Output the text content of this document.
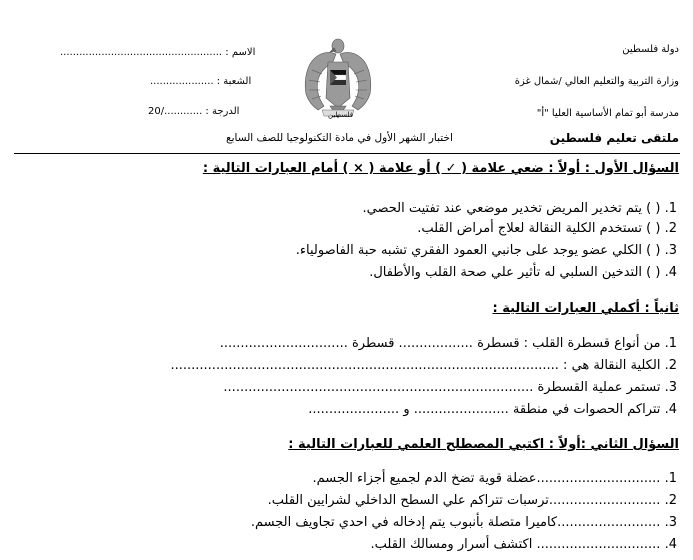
دولة فلسطين
وزارة التربية والتعليم العالي /شمال غزة
مدرسة أبو تمام الأساسية العليا "أ"
ملتقى تعليم فلسطين
الاسم : ...................................................
الشعبة : ....................
الدرجة : ............/20
اختبار الشهر الأول في مادة التكنولوجيا للصف السابع
فلسطين
السؤال الأول : أولاً : ضعي علامة ( ✓ ) أو علامة ( × ) أمام العبارات التالية :
1. ( ) يتم تخدير المريض تخدير موضعي عند تفتيت الحصي.
2. ( ) تستخدم الكلية النقالة لعلاج أمراض القلب.
3. ( ) الكلي عضو يوجد على جانبي العمود الفقري تشبه حبة الفاصولياء.
4. ( ) التدخين السلبي له تأثير علي صحة القلب والأطفال.
ثانياً : أكملي العبارات التالية :
1. من أنواع قسطرة القلب : قسطرة .................. قسطرة ...............................
2. الكلية النقالة هي : ..............................................................................................
3. تستمر عملية القسطرة ...........................................................................
4. تتراكم الحصوات في منطقة ....................... و ......................
السؤال الثاني :أولاً : اكتبي المصطلح العلمي للعبارات التالية :
1. ..............................عضلة قوية تضخ الدم لجميع أجزاء الجسم.
2. ...........................ترسبات تتراكم علي السطح الداخلي لشرايين القلب.
3. .........................كاميرا متصلة بأنبوب يتم إدخاله في احدي تجاويف الجسم.
4. .............................. اكتشف أسرار ومسالك القلب.
